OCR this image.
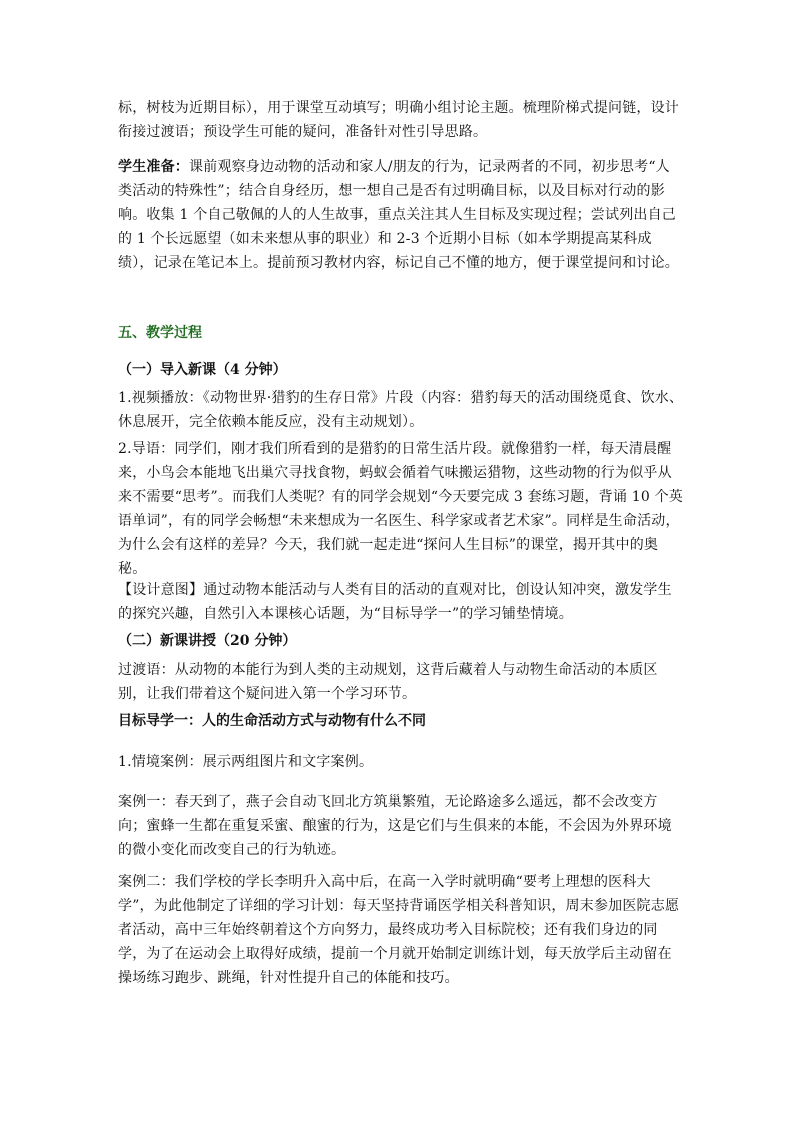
标，树枝为近期目标），用于课堂互动填写；明确小组讨论主题。梳理阶梯式提问链，设计衔接过渡语；预设学生可能的疑问，准备针对性引导思路。

学生准备：课前观察身边动物的活动和家人/朋友的行为，记录两者的不同，初步思考“人类活动的特殊性”；结合自身经历，想一想自己是否有过明确目标，以及目标对行动的影响。收集 1 个自己敬佩的人的人生故事，重点关注其人生目标及实现过程；尝试列出自己的 1 个长远愿望（如未来想从事的职业）和 2-3 个近期小目标（如本学期提高某科成绩），记录在笔记本上。提前预习教材内容，标记自己不懂的地方，便于课堂提问和讨论。

五、教学过程

（一）导入新课（4 分钟）

1.视频播放：《动物世界·猎豹的生存日常》片段（内容：猎豹每天的活动围绕觅食、饮水、休息展开，完全依赖本能反应，没有主动规划）。

2.导语：同学们，刚才我们所看到的是猎豹的日常生活片段。就像猎豹一样，每天清晨醒来，小鸟会本能地飞出巢穴寻找食物，蚂蚁会循着气味搬运猎物，这些动物的行为似乎从来不需要“思考”。而我们人类呢？有的同学会规划“今天要完成 3 套练习题，背诵 10 个英语单词”，有的同学会畅想“未来想成为一名医生、科学家或者艺术家”。同样是生命活动，为什么会有这样的差异？今天，我们就一起走进“探问人生目标”的课堂，揭开其中的奥秘。

【设计意图】通过动物本能活动与人类有目的活动的直观对比，创设认知冲突，激发学生的探究兴趣，自然引入本课核心话题，为“目标导学一”的学习铺垫情境。

（二）新课讲授（20 分钟）

过渡语：从动物的本能行为到人类的主动规划，这背后藏着人与动物生命活动的本质区别，让我们带着这个疑问进入第一个学习环节。

目标导学一：人的生命活动方式与动物有什么不同

1.情境案例：展示两组图片和文字案例。

案例一：春天到了，燕子会自动飞回北方筑巢繁殖，无论路途多么遥远，都不会改变方向；蜜蜂一生都在重复采蜜、酿蜜的行为，这是它们与生俱来的本能，不会因为外界环境的微小变化而改变自己的行为轨迹。

案例二：我们学校的学长李明升入高中后，在高一入学时就明确“要考上理想的医科大学”，为此他制定了详细的学习计划：每天坚持背诵医学相关科普知识，周末参加医院志愿者活动，高中三年始终朝着这个方向努力，最终成功考入目标院校；还有我们身边的同学，为了在运动会上取得好成绩，提前一个月就开始制定训练计划，每天放学后主动留在操场练习跑步、跳绳，针对性提升自己的体能和技巧。
